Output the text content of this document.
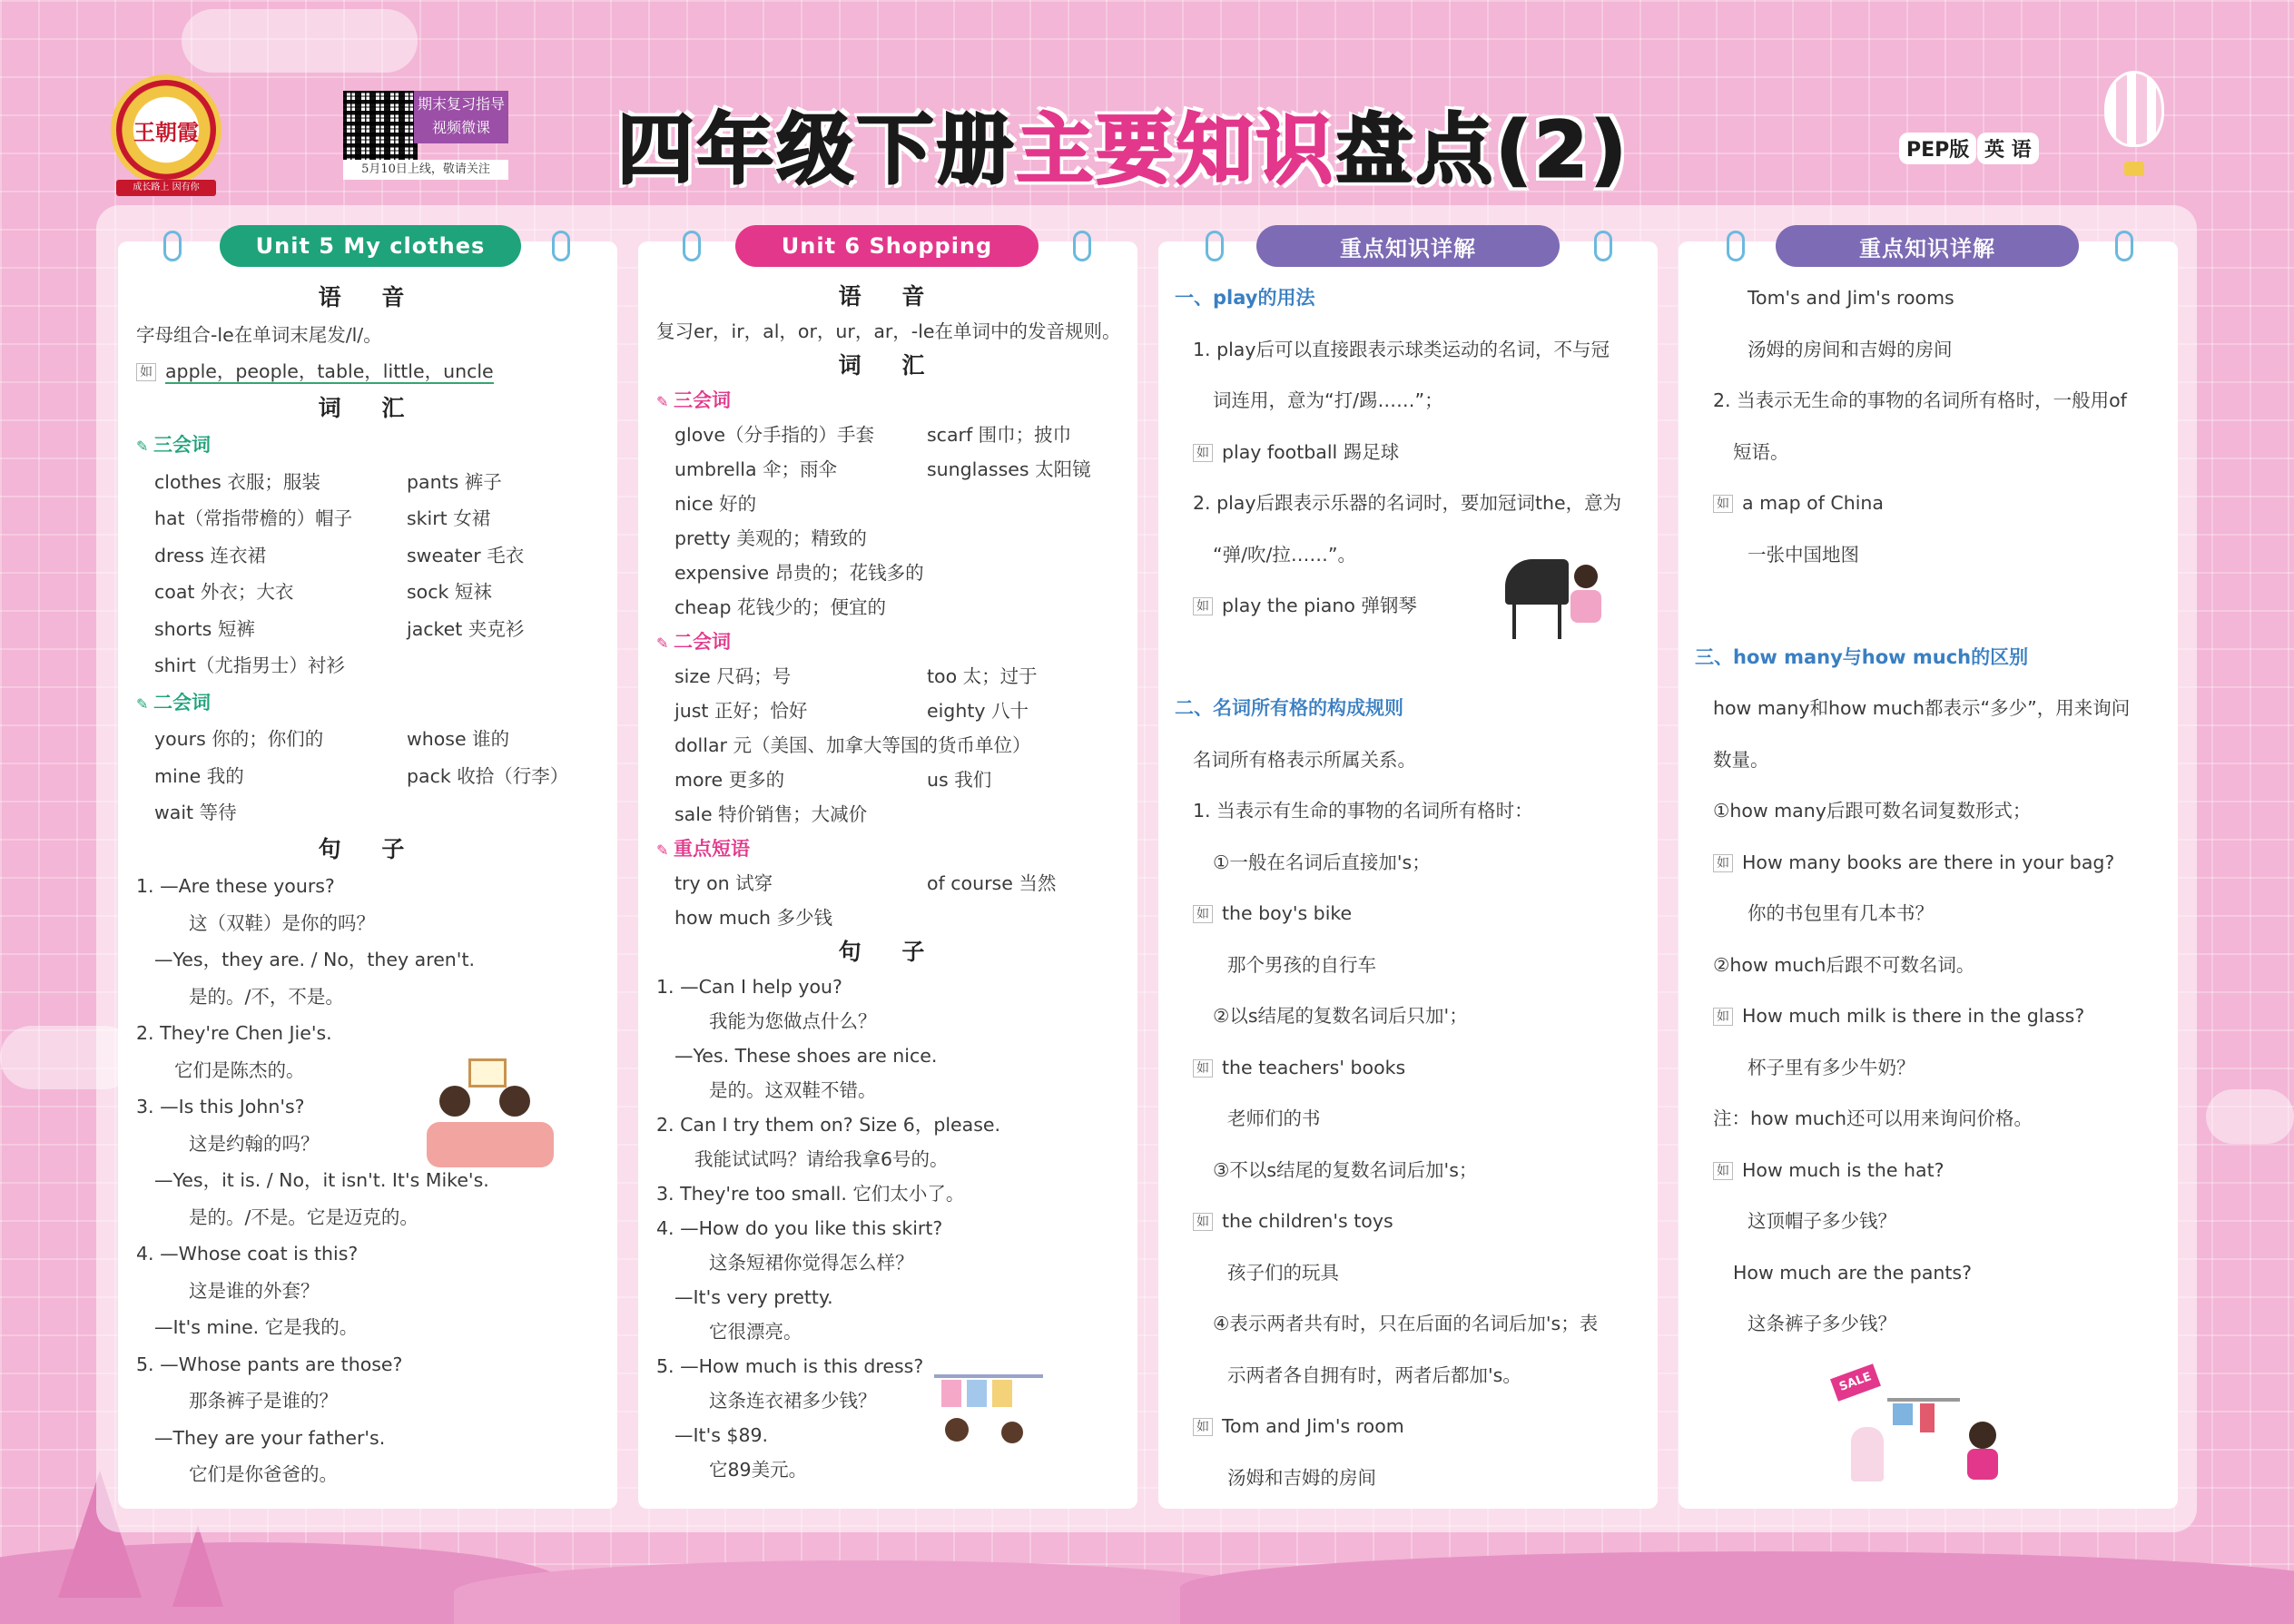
王朝霞
成长路上 因有你
期末复习指导视频微课
5月10日上线，敬请关注 四年级下册主要知识盘点(2)	PEP版 英 语
语 音
字母组合-le在单词末尾发/l/。
如 apple，people，table，little，uncle
词 汇
✎ 三会词
clothes 衣服；服装	pants 裤子
hat（常指带檐的）帽子	skirt 女裙
dress 连衣裙	sweater 毛衣
coat 外衣；大衣	sock 短袜
shorts 短裤	jacket 夹克衫
shirt（尤指男士）衬衫
✎ 二会词
yours 你的；你们的	whose 谁的
mine 我的	pack 收拾（行李）
wait 等待
句 子
1. —Are these yours?
这（双鞋）是你的吗？
—Yes，they are. / No，they aren't.
是的。/不，不是。
2. They're Chen Jie's.
它们是陈杰的。
3. —Is this John's?
这是约翰的吗？
—Yes，it is. / No，it isn't. It's Mike's.
是的。/不是。它是迈克的。
4. —Whose coat is this?
这是谁的外套？
—It's mine. 它是我的。
5. —Whose pants are those?
那条裤子是谁的？
—They are your father's.
它们是你爸爸的。
语 音
复习er，ir，al，or，ur，ar，-le在单词中的发音规则。
词 汇
✎ 三会词
glove（分手指的）手套	scarf 围巾；披巾
umbrella 伞；雨伞	sunglasses 太阳镜
nice 好的
pretty 美观的；精致的
expensive 昂贵的；花钱多的
cheap 花钱少的；便宜的
✎ 二会词
size 尺码；号	too 太；过于
just 正好；恰好	eighty 八十
dollar 元（美国、加拿大等国的货币单位）
more 更多的	us 我们
sale 特价销售；大减价
✎ 重点短语
try on 试穿	of course 当然
how much 多少钱
句 子
1. —Can I help you?
我能为您做点什么？
—Yes. These shoes are nice.
是的。这双鞋不错。
2. Can I try them on? Size 6，please.
我能试试吗？请给我拿6号的。
3. They're too small. 它们太小了。
4. —How do you like this skirt?
这条短裙你觉得怎么样？
—It's very pretty.
它很漂亮。
5. —How much is this dress?
这条连衣裙多少钱？
—It's $89.
它89美元。
一、play的用法
1. play后可以直接跟表示球类运动的名词，不与冠
词连用，意为“打/踢……”；
如 play football 踢足球
2. play后跟表示乐器的名词时，要加冠词the，意为
“弹/吹/拉……”。
如 play the piano 弹钢琴
二、名词所有格的构成规则
名词所有格表示所属关系。
1. 当表示有生命的事物的名词所有格时：
①一般在名词后直接加's；
如 the boy's bike
那个男孩的自行车
②以s结尾的复数名词后只加'；
如 the teachers' books
老师们的书
③不以s结尾的复数名词后加's；
如 the children's toys
孩子们的玩具
④表示两者共有时，只在后面的名词后加's；表
示两者各自拥有时，两者后都加's。
如 Tom and Jim's room
汤姆和吉姆的房间
Tom's and Jim's rooms
汤姆的房间和吉姆的房间
2. 当表示无生命的事物的名词所有格时，一般用of
短语。
如 a map of China
一张中国地图
三、how many与how much的区别
how many和how much都表示“多少”，用来询问
数量。
①how many后跟可数名词复数形式；
如 How many books are there in your bag?
你的书包里有几本书？
②how much后跟不可数名词。
如 How much milk is there in the glass?
杯子里有多少牛奶？
注：how much还可以用来询问价格。
如 How much is the hat?
这顶帽子多少钱？
How much are the pants?
这条裤子多少钱？
SALE
Unit 5 My clothes	Unit 6 Shopping	重点知识详解	重点知识详解
